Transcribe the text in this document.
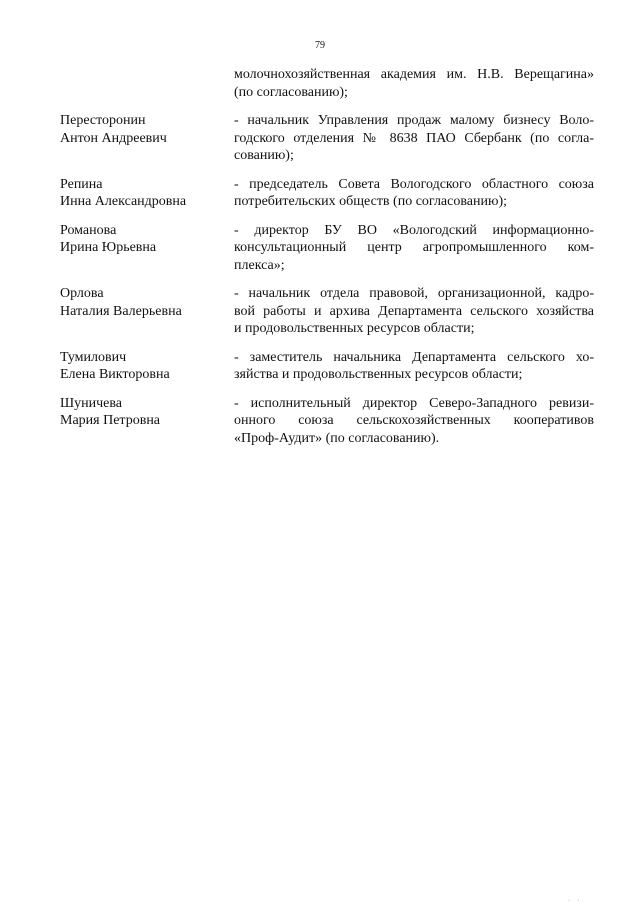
79
молочнохозяйственная академия им. Н.В. Верещагина»
(по согласованию);
Пересторонин
Антон Андреевич
- начальник Управления продаж малому бизнесу Воло-
годского отделения № 8638 ПАО Сбербанк (по согла-
сованию);
Репина
Инна Александровна
- председатель Совета Вологодского областного союза
потребительских обществ (по согласованию);
Романова
Ирина Юрьевна
- директор БУ ВО «Вологодский информационно-
консультационный центр агропромышленного ком-
плекса»;
Орлова
Наталия Валерьевна
- начальник отдела правовой, организационной, кадро-
вой работы и архива Департамента сельского хозяйства
и продовольственных ресурсов области;
Тумилович
Елена Викторовна
- заместитель начальника Департамента сельского хо-
зяйства и продовольственных ресурсов области;
Шуничева
Мария Петровна
- исполнительный директор Северо-Западного ревизи-
онного союза сельскохозяйственных кооперативов
«Проф-Аудит» (по согласованию).
· ·
